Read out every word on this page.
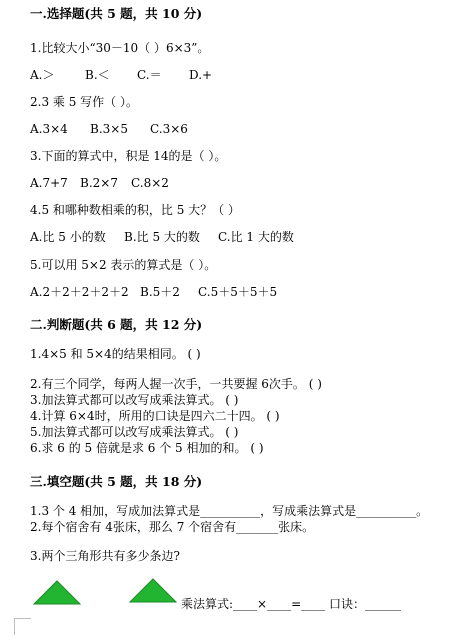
一.选择题(共 5 题，共 10 分)
1.比较大小“30－10（ ）6×3”。
A.＞	B.＜ C.＝ D.+
2.3 乘 5 写作（ ）。
A.3×4 B.3×5 C.3×6
3.下面的算式中，积是 14的是（ ）。
A.7+7 B.2×7 C.8×2
4.5 和哪种数相乘的积，比 5 大？（ ）
A.比 5 小的数 B.比 5 大的数 C.比 1 大的数
5.可以用 5×2 表示的算式是（ ）。
A.2＋2＋2＋2＋2 B.5＋2 C.5＋5＋5＋5
二.判断题(共 6 题，共 12 分)
1.4×5 和 5×4的结果相同。 ( )
2.有三个同学，每两人握一次手，一共要握 6次手。 ( )
3.加法算式都可以改写成乘法算式。 ( )
4.计算 6×4时，所用的口诀是四六二十四。 ( )
5.加法算式都可以改写成乘法算式。 ( )
6.求 6 的 5 倍就是求 6 个 5 相加的和。 ( )
三.填空题(共 5 题，共 18 分)
1.3 个 4 相加，写成加法算式是__________，写成乘法算式是__________。
2.每个宿舍有 4张床，那么 7 个宿舍有_______张床。
3.两个三角形共有多少条边?
乘法算式:____×____=____ 口诀：______
